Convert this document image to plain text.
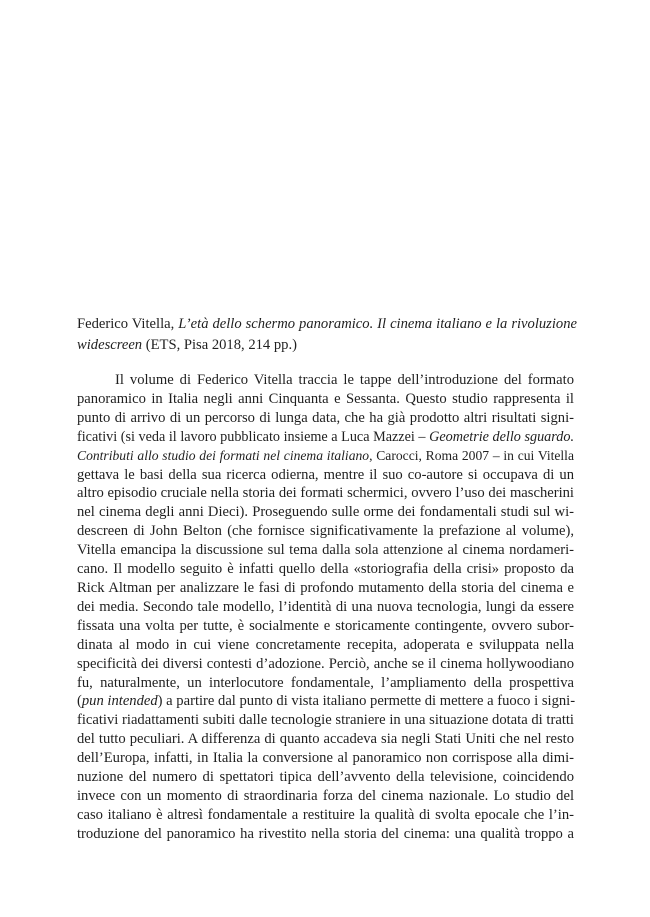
Federico Vitella, L’età dello schermo panoramico. Il cinema italiano e la rivoluzione widescreen (ETS, Pisa 2018, 214 pp.)
Il volume di Federico Vitella traccia le tappe dell’introduzione del formato
panoramico in Italia negli anni Cinquanta e Sessanta. Questo studio rappresenta il
punto di arrivo di un percorso di lunga data, che ha già prodotto altri risultati signi-
ficativi (si veda il lavoro pubblicato insieme a Luca Mazzei – Geometrie dello sguardo.
Contributi allo studio dei formati nel cinema italiano, Carocci, Roma 2007 – in cui Vitella
gettava le basi della sua ricerca odierna, mentre il suo co-autore si occupava di un
altro episodio cruciale nella storia dei formati schermici, ovvero l’uso dei mascherini
nel cinema degli anni Dieci). Proseguendo sulle orme dei fondamentali studi sul wi-
descreen di John Belton (che fornisce significativamente la prefazione al volume),
Vitella emancipa la discussione sul tema dalla sola attenzione al cinema nordameri-
cano. Il modello seguito è infatti quello della «storiografia della crisi» proposto da
Rick Altman per analizzare le fasi di profondo mutamento della storia del cinema e
dei media. Secondo tale modello, l’identità di una nuova tecnologia, lungi da essere
fissata una volta per tutte, è socialmente e storicamente contingente, ovvero subor-
dinata al modo in cui viene concretamente recepita, adoperata e sviluppata nella
specificità dei diversi contesti d’adozione. Perciò, anche se il cinema hollywoodiano
fu, naturalmente, un interlocutore fondamentale, l’ampliamento della prospettiva
(pun intended) a partire dal punto di vista italiano permette di mettere a fuoco i signi-
ficativi riadattamenti subiti dalle tecnologie straniere in una situazione dotata di tratti
del tutto peculiari. A differenza di quanto accadeva sia negli Stati Uniti che nel resto
dell’Europa, infatti, in Italia la conversione al panoramico non corrispose alla dimi-
nuzione del numero di spettatori tipica dell’avvento della televisione, coincidendo
invece con un momento di straordinaria forza del cinema nazionale. Lo studio del
caso italiano è altresì fondamentale a restituire la qualità di svolta epocale che l’in-
troduzione del panoramico ha rivestito nella storia del cinema: una qualità troppo a
